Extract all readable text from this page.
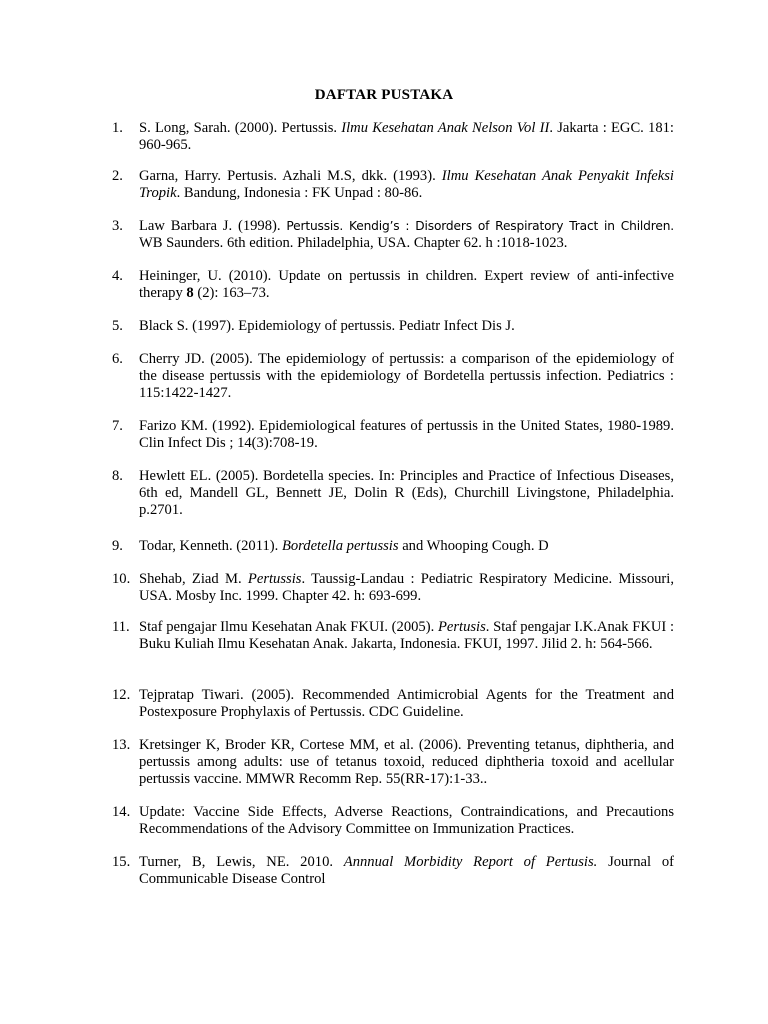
DAFTAR PUSTAKA
1. S. Long, Sarah. (2000). Pertussis. Ilmu Kesehatan Anak Nelson Vol II. Jakarta : EGC. 181: 960-965.
2. Garna, Harry. Pertusis. Azhali M.S, dkk. (1993). Ilmu Kesehatan Anak Penyakit Infeksi Tropik. Bandung, Indonesia : FK Unpad : 80-86.
3. Law Barbara J. (1998). Pertussis. Kendig’s : Disorders of Respiratory Tract in Children. WB Saunders. 6th edition. Philadelphia, USA. Chapter 62. h :1018-1023.
4. Heininger, U. (2010). Update on pertussis in children. Expert review of anti-infective therapy 8 (2): 163–73.
5. Black S. (1997). Epidemiology of pertussis. Pediatr Infect Dis J.
6. Cherry JD. (2005). The epidemiology of pertussis: a comparison of the epidemiology of the disease pertussis with the epidemiology of Bordetella pertussis infection. Pediatrics : 115:1422-1427.
7. Farizo KM. (1992). Epidemiological features of pertussis in the United States, 1980-1989. Clin Infect Dis ; 14(3):708-19.
8. Hewlett EL. (2005). Bordetella species. In: Principles and Practice of Infectious Diseases, 6th ed, Mandell GL, Bennett JE, Dolin R (Eds), Churchill Livingstone, Philadelphia. p.2701.
9. Todar, Kenneth. (2011). Bordetella pertussis and Whooping Cough. D
10. Shehab, Ziad M. Pertussis. Taussig-Landau : Pediatric Respiratory Medicine. Missouri, USA. Mosby Inc. 1999. Chapter 42. h: 693-699.
11. Staf pengajar Ilmu Kesehatan Anak FKUI. (2005). Pertusis. Staf pengajar I.K.Anak FKUI : Buku Kuliah Ilmu Kesehatan Anak. Jakarta, Indonesia. FKUI, 1997. Jilid 2. h: 564-566.
12. Tejpratap Tiwari. (2005). Recommended Antimicrobial Agents for the Treatment and Postexposure Prophylaxis of Pertussis. CDC Guideline.
13. Kretsinger K, Broder KR, Cortese MM, et al. (2006). Preventing tetanus, diphtheria, and pertussis among adults: use of tetanus toxoid, reduced diphtheria toxoid and acellular pertussis vaccine. MMWR Recomm Rep. 55(RR-17):1-33..
14. Update: Vaccine Side Effects, Adverse Reactions, Contraindications, and Precautions Recommendations of the Advisory Committee on Immunization Practices.
15. Turner, B, Lewis, NE. 2010. Annnual Morbidity Report of Pertusis. Journal of Communicable Disease Control
